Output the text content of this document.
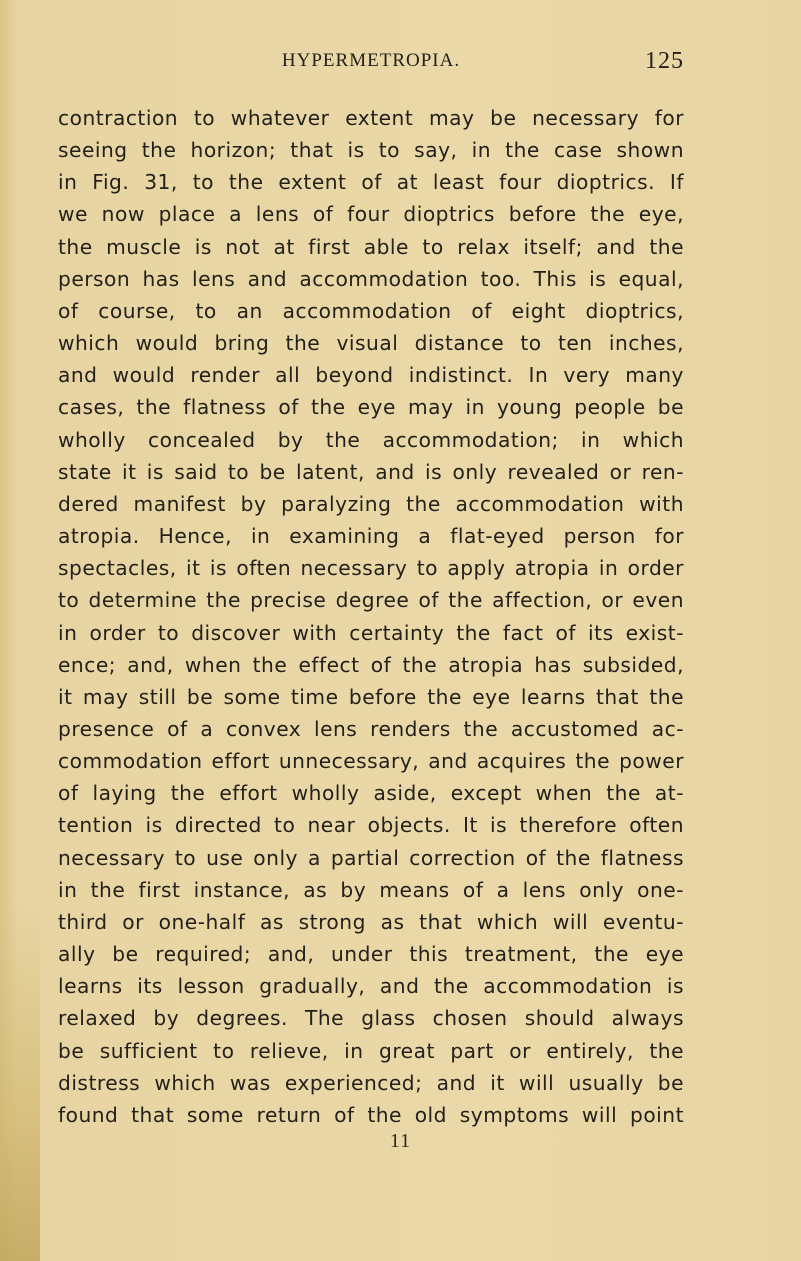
HYPERMETROPIA.	125
contraction to whatever extent may be necessary for
seeing the horizon; that is to say, in the case shown
in Fig. 31, to the extent of at least four dioptrics. If
we now place a lens of four dioptrics before the eye,
the muscle is not at first able to relax itself; and the
person has lens and accommodation too. This is equal,
of course, to an accommodation of eight dioptrics,
which would bring the visual distance to ten inches,
and would render all beyond indistinct. In very many
cases, the flatness of the eye may in young people be
wholly concealed by the accommodation; in which
state it is said to be latent, and is only revealed or ren-
dered manifest by paralyzing the accommodation with
atropia. Hence, in examining a flat-eyed person for
spectacles, it is often necessary to apply atropia in order
to determine the precise degree of the affection, or even
in order to discover with certainty the fact of its exist-
ence; and, when the effect of the atropia has subsided,
it may still be some time before the eye learns that the
presence of a convex lens renders the accustomed ac-
commodation effort unnecessary, and acquires the power
of laying the effort wholly aside, except when the at-
tention is directed to near objects. It is therefore often
necessary to use only a partial correction of the flatness
in the first instance, as by means of a lens only one-
third or one-half as strong as that which will eventu-
ally be required; and, under this treatment, the eye
learns its lesson gradually, and the accommodation is
relaxed by degrees. The glass chosen should always
be sufficient to relieve, in great part or entirely, the
distress which was experienced; and it will usually be
found that some return of the old symptoms will point
11
